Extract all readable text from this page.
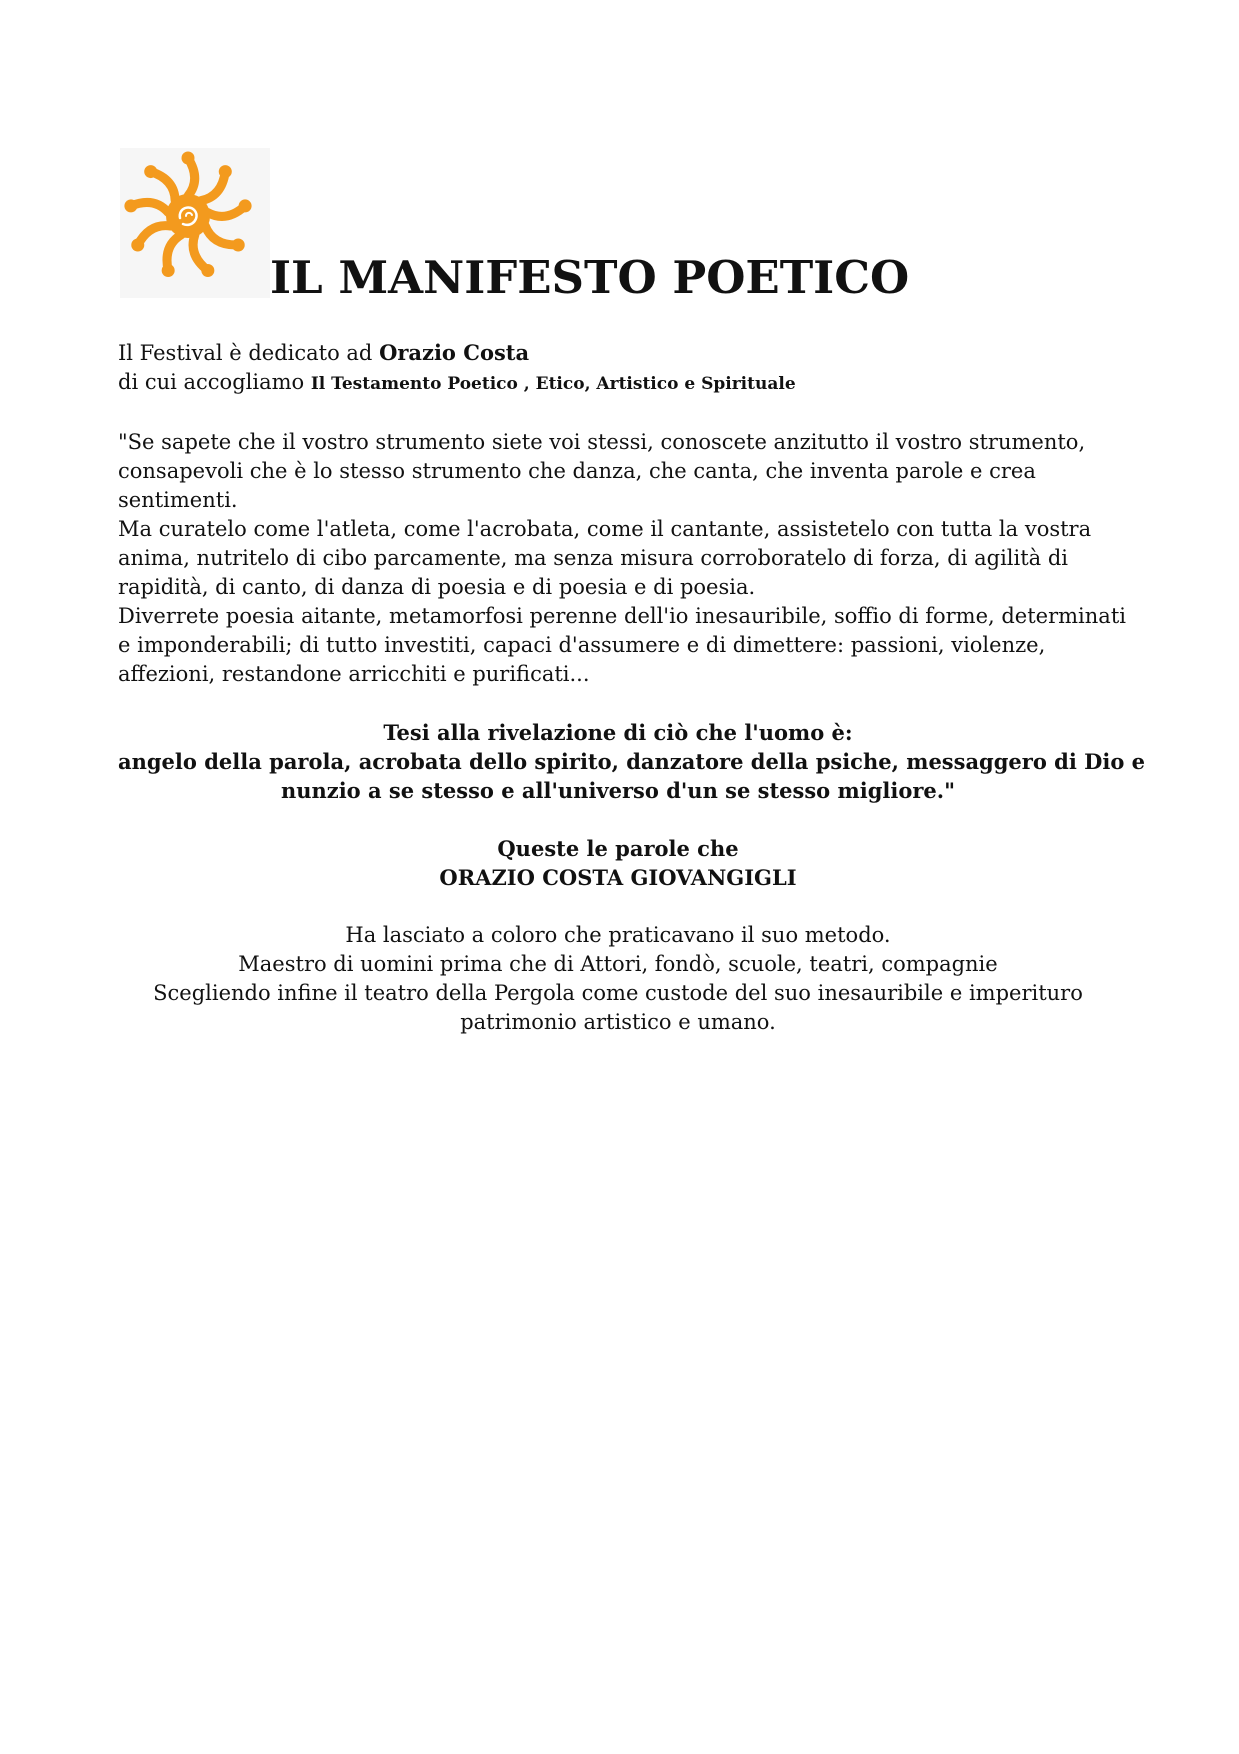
IL MANIFESTO POETICO

Il Festival è dedicato ad Orazio Costa

di cui accogliamo Il Testamento Poetico , Etico, Artistico e Spirituale

"Se sapete che il vostro strumento siete voi stessi, conoscete anzitutto il vostro strumento,
consapevoli che è lo stesso strumento che danza, che canta, che inventa parole e crea
sentimenti.
Ma curatelo come l'atleta, come l'acrobata, come il cantante, assistetelo con tutta la vostra
anima, nutritelo di cibo parcamente, ma senza misura corroboratelo di forza, di agilità di
rapidità, di canto, di danza di poesia e di poesia e di poesia.
Diverrete poesia aitante, metamorfosi perenne dell'io inesauribile, soffio di forme, determinati
e imponderabili; di tutto investiti, capaci d'assumere e di dimettere: passioni, violenze,
affezioni, restandone arricchiti e purificati...

Tesi alla rivelazione di ciò che l'uomo è:
angelo della parola, acrobata dello spirito, danzatore della psiche, messaggero di Dio e
nunzio a se stesso e all'universo d'un se stesso migliore."

Queste le parole che
ORAZIO COSTA GIOVANGIGLI

Ha lasciato a coloro che praticavano il suo metodo.
Maestro di uomini prima che di Attori, fondò, scuole, teatri, compagnie
Scegliendo infine il teatro della Pergola come custode del suo inesauribile e imperituro
patrimonio artistico e umano.
